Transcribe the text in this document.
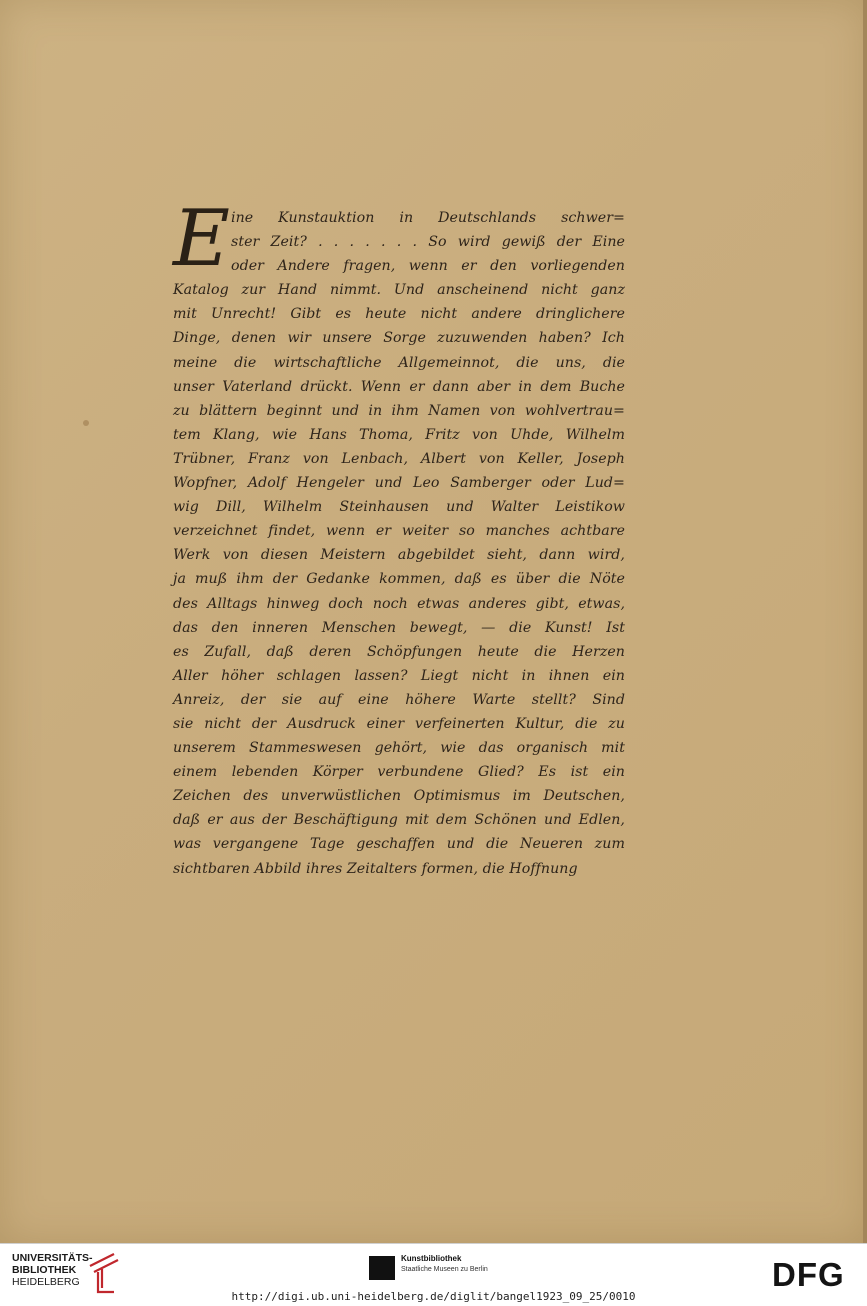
E ine Kunstauktion in Deutschlands schwer=
ster Zeit? . . . . . . . So wird gewiß der Eine
oder Andere fragen, wenn er den vorliegenden
Katalog zur Hand nimmt. Und anscheinend nicht ganz
mit Unrecht! Gibt es heute nicht andere dringlichere
Dinge, denen wir unsere Sorge zuzuwenden haben? Ich
meine die wirtschaftliche Allgemeinnot, die uns, die
unser Vaterland drückt. Wenn er dann aber in dem Buche
zu blättern beginnt und in ihm Namen von wohlvertrau=
tem Klang, wie Hans Thoma, Fritz von Uhde, Wilhelm
Trübner, Franz von Lenbach, Albert von Keller, Joseph
Wopfner, Adolf Hengeler und Leo Samberger oder Lud=
wig Dill, Wilhelm Steinhausen und Walter Leistikow
verzeichnet findet, wenn er weiter so manches achtbare
Werk von diesen Meistern abgebildet sieht, dann wird,
ja muß ihm der Gedanke kommen, daß es über die Nöte
des Alltags hinweg doch noch etwas anderes gibt, etwas,
das den inneren Menschen bewegt, — die Kunst! Ist
es Zufall, daß deren Schöpfungen heute die Herzen
Aller höher schlagen lassen? Liegt nicht in ihnen ein
Anreiz, der sie auf eine höhere Warte stellt? Sind
sie nicht der Ausdruck einer verfeinerten Kultur, die zu
unserem Stammeswesen gehört, wie das organisch mit
einem lebenden Körper verbundene Glied? Es ist ein
Zeichen des unverwüstlichen Optimismus im Deutschen,
daß er aus der Beschäftigung mit dem Schönen und Edlen,
was vergangene Tage geschaffen und die Neueren zum
sichtbaren Abbild ihres Zeitalters formen, die Hoffnung
UNIVERSITÄTS-
BIBLIOTHEK
HEIDELBERG
Kunstbibliothek
Staatliche Museen zu Berlin	DFG
http://digi.ub.uni-heidelberg.de/diglit/bangel1923_09_25/0010
